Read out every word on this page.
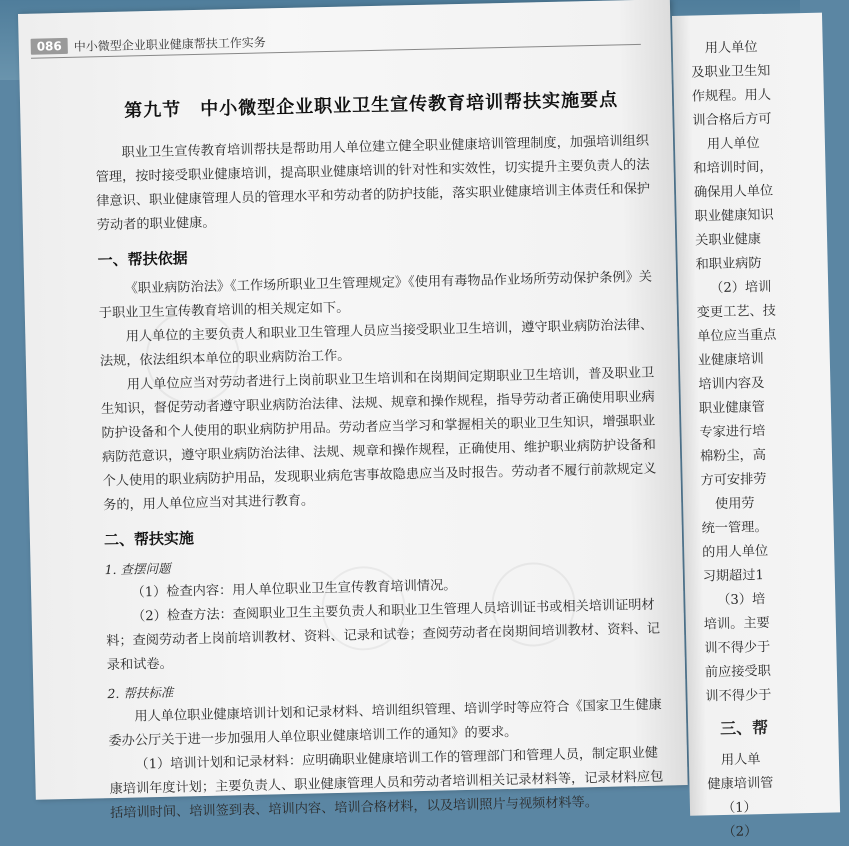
086 中小微型企业职业健康帮扶工作实务
第九节　中小微型企业职业卫生宣传教育培训帮扶实施要点

职业卫生宣传教育培训帮扶是帮助用人单位建立健全职业健康培训管理制度，加强培训组织管理，按时接受职业健康培训，提高职业健康培训的针对性和实效性，切实提升主要负责人的法律意识、职业健康管理人员的管理水平和劳动者的防护技能，落实职业健康培训主体责任和保护劳动者的职业健康。

一、帮扶依据

《职业病防治法》《工作场所职业卫生管理规定》《使用有毒物品作业场所劳动保护条例》关于职业卫生宣传教育培训的相关规定如下。

用人单位的主要负责人和职业卫生管理人员应当接受职业卫生培训，遵守职业病防治法律、法规，依法组织本单位的职业病防治工作。

用人单位应当对劳动者进行上岗前职业卫生培训和在岗期间定期职业卫生培训，普及职业卫生知识，督促劳动者遵守职业病防治法律、法规、规章和操作规程，指导劳动者正确使用职业病防护设备和个人使用的职业病防护用品。劳动者应当学习和掌握相关的职业卫生知识，增强职业病防范意识，遵守职业病防治法律、法规、规章和操作规程，正确使用、维护职业病防护设备和个人使用的职业病防护用品，发现职业病危害事故隐患应当及时报告。劳动者不履行前款规定义务的，用人单位应当对其进行教育。

二、帮扶实施

1. 查摆问题

（1）检查内容：用人单位职业卫生宣传教育培训情况。

（2）检查方法：查阅职业卫生主要负责人和职业卫生管理人员培训证书或相关培训证明材料；查阅劳动者上岗前培训教材、资料、记录和试卷；查阅劳动者在岗期间培训教材、资料、记录和试卷。

2. 帮扶标准

用人单位职业健康培训计划和记录材料、培训组织管理、培训学时等应符合《国家卫生健康委办公厅关于进一步加强用人单位职业健康培训工作的通知》的要求。

（1）培训计划和记录材料：应明确职业健康培训工作的管理部门和管理人员，制定职业健康培训年度计划；主要负责人、职业健康管理人员和劳动者培训相关记录材料等，记录材料应包括培训时间、培训签到表、培训内容、培训合格材料，以及培训照片与视频材料等。

用人单位
及职业卫生知
作规程。用人
训合格后方可
用人单位
和培训时间，
确保用人单位
职业健康知识
关职业健康
和职业病防
（2）培训
变更工艺、技
单位应当重点
业健康培训
培训内容及
职业健康管
专家进行培
棉粉尘，高
方可安排劳
使用劳
统一管理。
的用人单位
习期超过1
（3）培
培训。主要
训不得少于
前应接受职
训不得少于
三、帮
用人单
健康培训管
（1）
（2）
